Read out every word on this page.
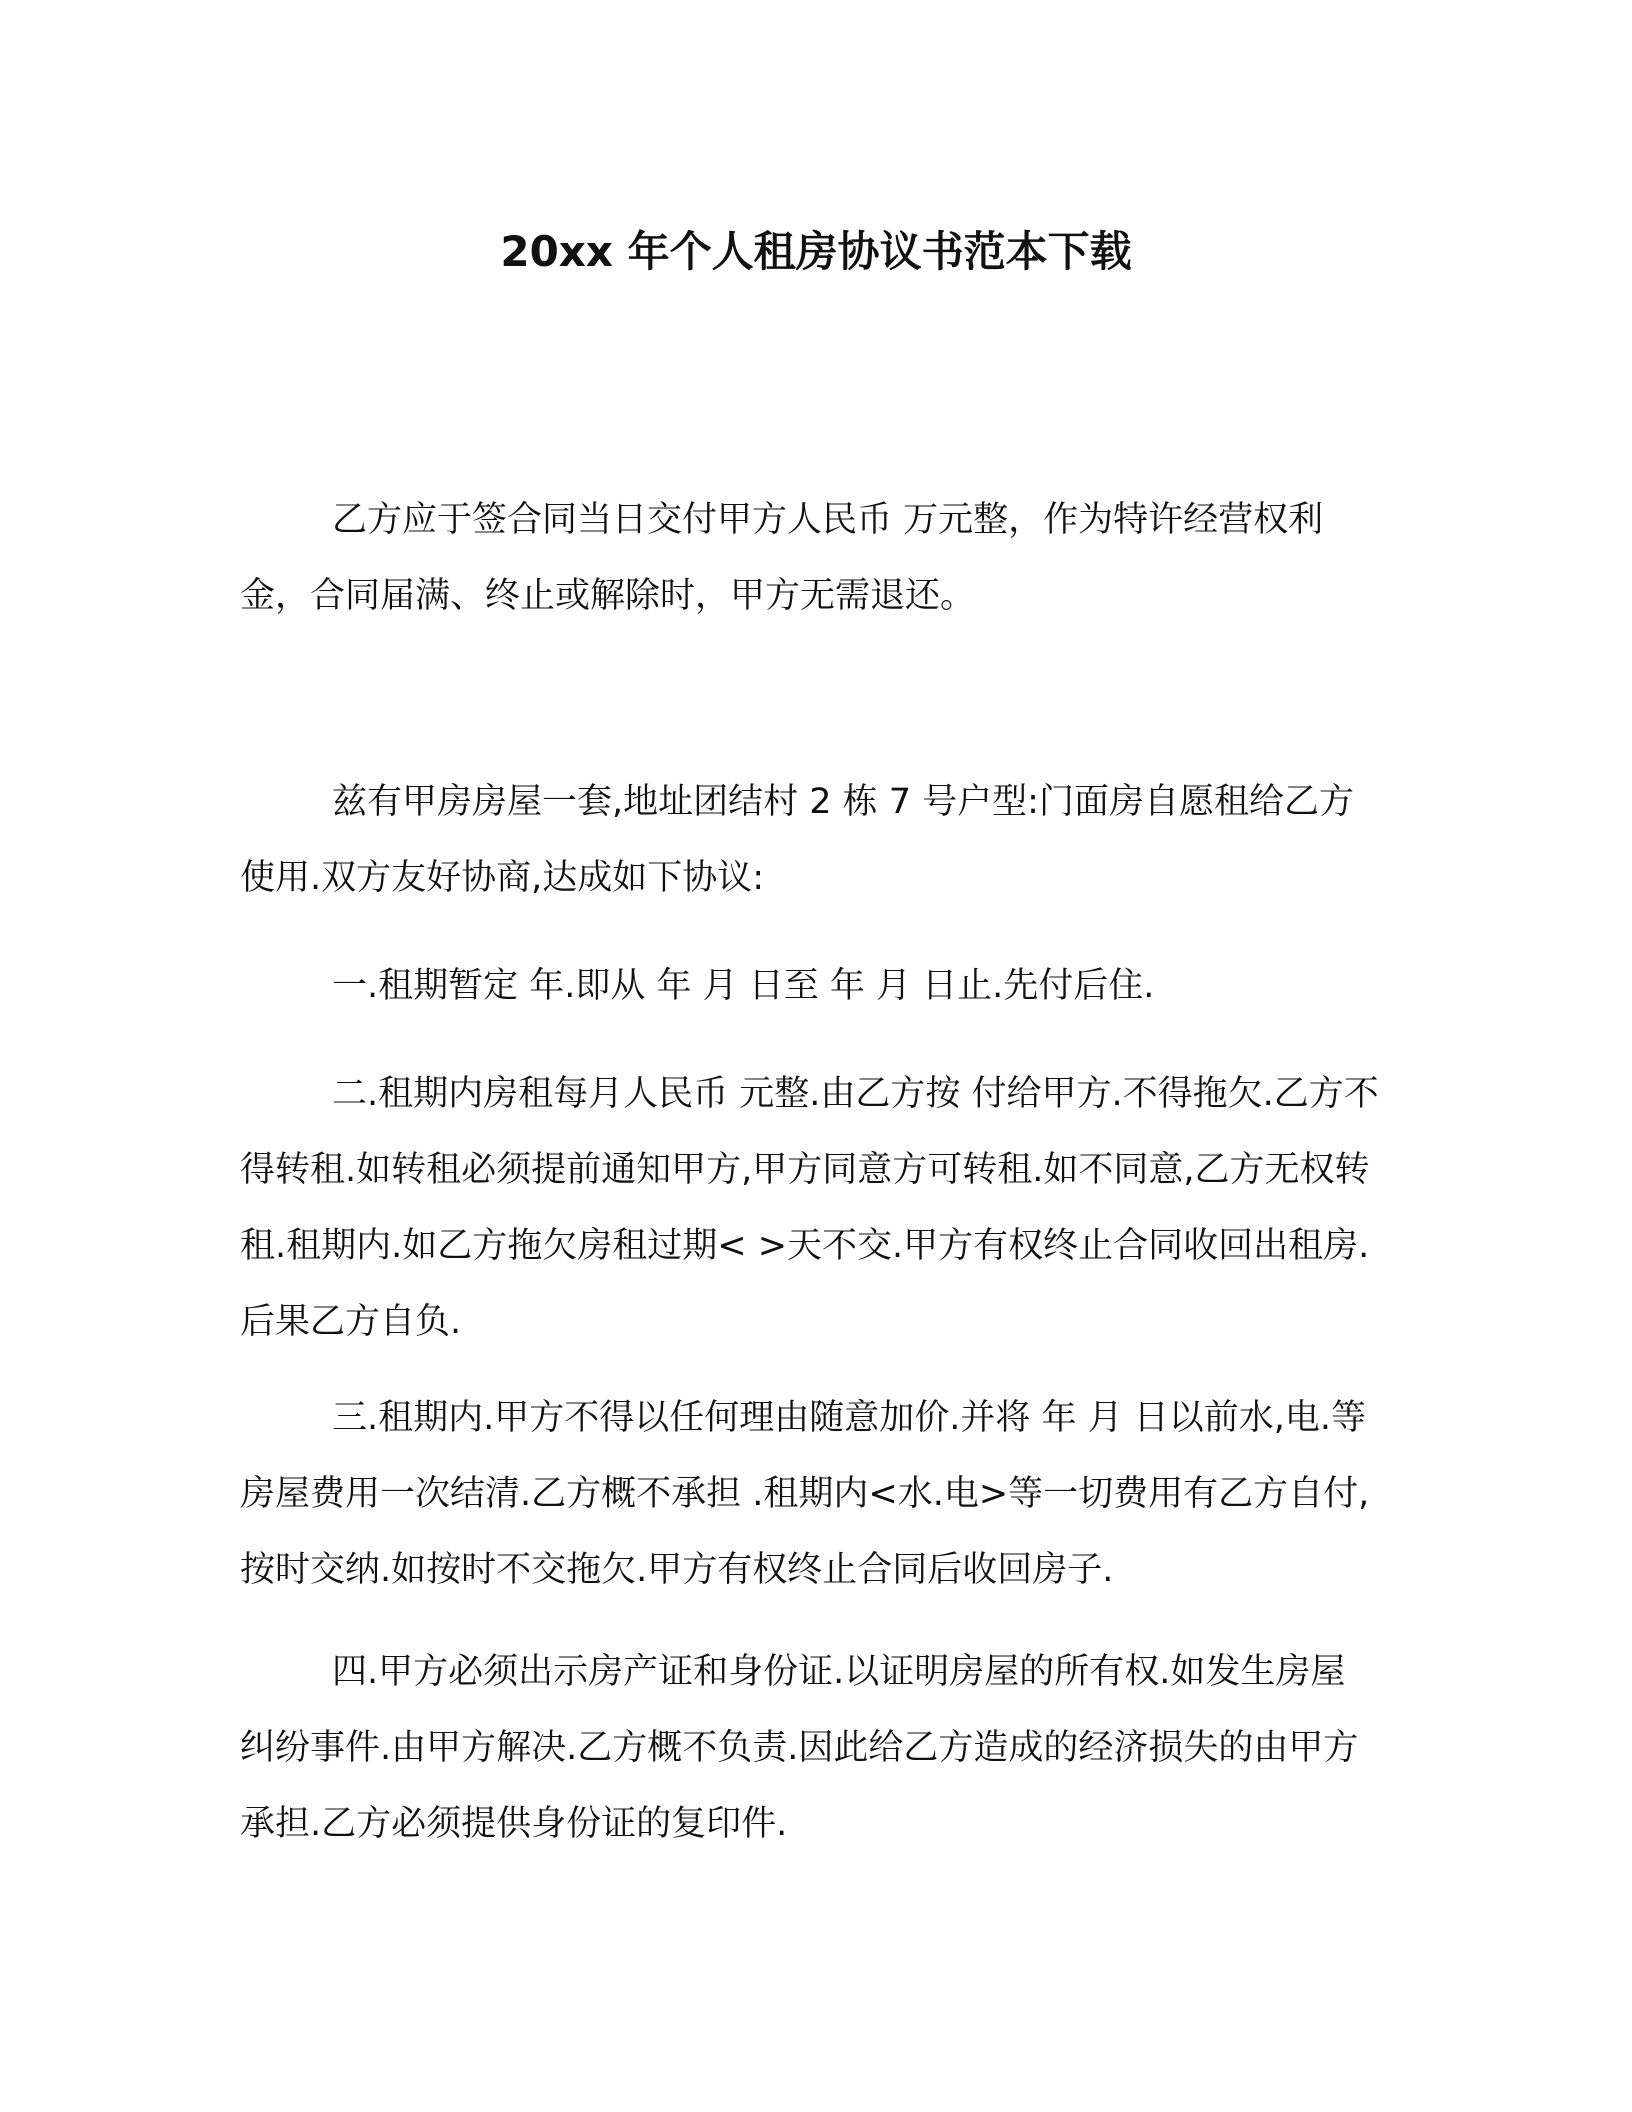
20xx 年个人租房协议书范本下载

乙方应于签合同当日交付甲方人民币 万元整，作为特许经营权利金，合同届满、终止或解除时，甲方无需退还。

兹有甲房房屋一套,地址团结村 2 栋 7 号户型:门面房自愿租给乙方使用.双方友好协商,达成如下协议:

一.租期暂定 年.即从 年 月 日至 年 月 日止.先付后住.

二.租期内房租每月人民币 元整.由乙方按 付给甲方.不得拖欠.乙方不得转租.如转租必须提前通知甲方,甲方同意方可转租.如不同意,乙方无权转租.租期内.如乙方拖欠房租过期< >天不交.甲方有权终止合同收回出租房.后果乙方自负.

三.租期内.甲方不得以任何理由随意加价.并将 年 月 日以前水,电.等房屋费用一次结清.乙方概不承担 .租期内<水.电>等一切费用有乙方自付,按时交纳.如按时不交拖欠.甲方有权终止合同后收回房子.

四.甲方必须出示房产证和身份证.以证明房屋的所有权.如发生房屋纠纷事件.由甲方解决.乙方概不负责.因此给乙方造成的经济损失的由甲方承担.乙方必须提供身份证的复印件.
